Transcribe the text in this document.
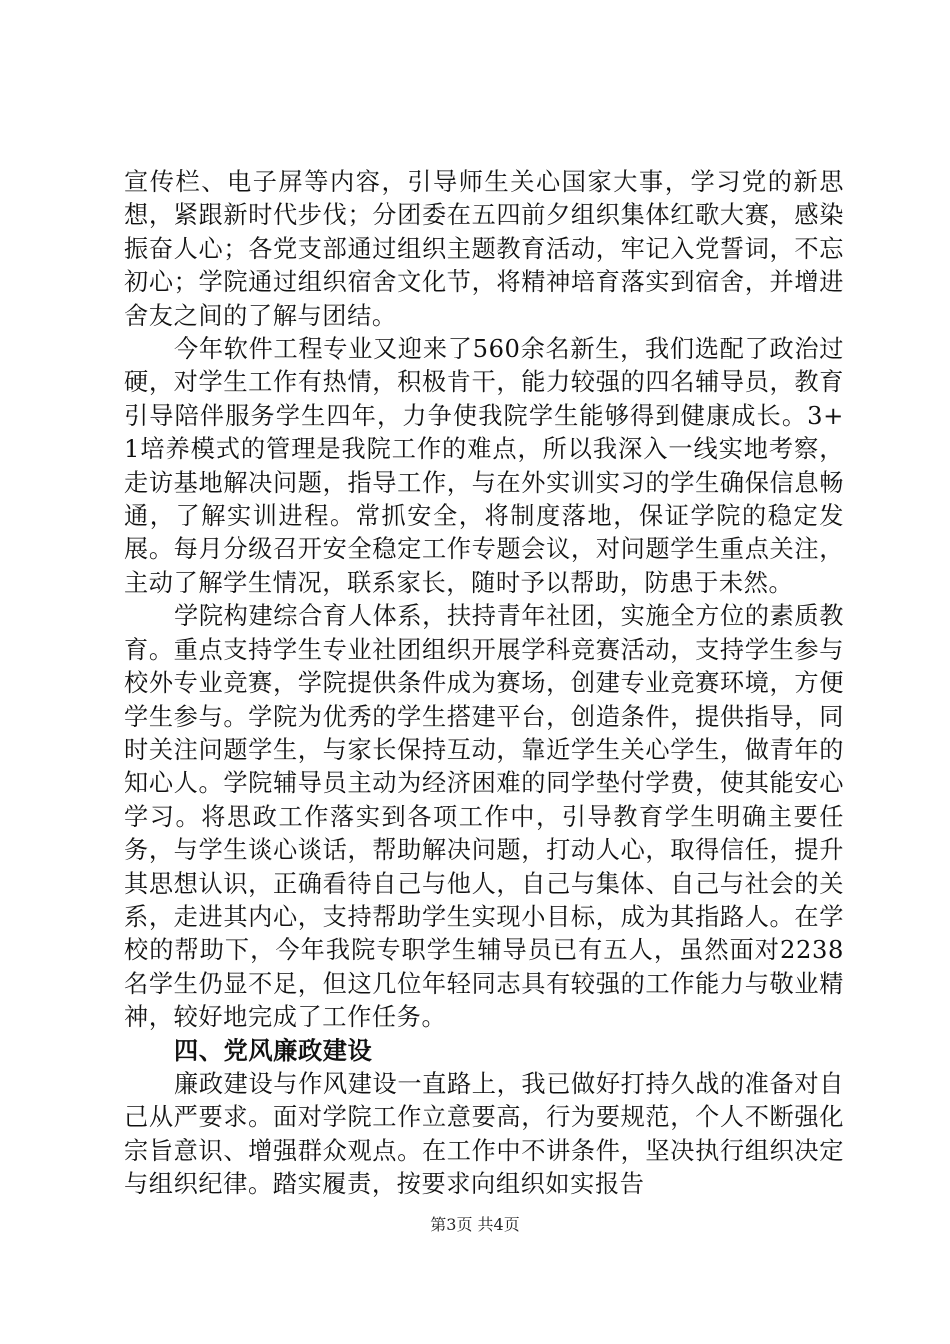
宣传栏、电子屏等内容，引导师生关心国家大事，学习党的新思想，紧跟新时代步伐；分团委在五四前夕组织集体红歌大赛，感染振奋人心；各党支部通过组织主题教育活动，牢记入党誓词，不忘初心；学院通过组织宿舍文化节，将精神培育落实到宿舍，并增进舍友之间的了解与团结。

今年软件工程专业又迎来了560余名新生，我们选配了政治过硬，对学生工作有热情，积极肯干，能力较强的四名辅导员，教育引导陪伴服务学生四年，力争使我院学生能够得到健康成长。3+1培养模式的管理是我院工作的难点，所以我深入一线实地考察，走访基地解决问题，指导工作，与在外实训实习的学生确保信息畅通，了解实训进程。常抓安全，将制度落地，保证学院的稳定发展。每月分级召开安全稳定工作专题会议，对问题学生重点关注，主动了解学生情况，联系家长，随时予以帮助，防患于未然。

学院构建综合育人体系，扶持青年社团，实施全方位的素质教育。重点支持学生专业社团组织开展学科竞赛活动，支持学生参与校外专业竞赛，学院提供条件成为赛场，创建专业竞赛环境，方便学生参与。学院为优秀的学生搭建平台，创造条件，提供指导，同时关注问题学生，与家长保持互动，靠近学生关心学生，做青年的知心人。学院辅导员主动为经济困难的同学垫付学费，使其能安心学习。将思政工作落实到各项工作中，引导教育学生明确主要任务，与学生谈心谈话，帮助解决问题，打动人心，取得信任，提升其思想认识，正确看待自己与他人，自己与集体、自己与社会的关系，走进其内心，支持帮助学生实现小目标，成为其指路人。在学校的帮助下，今年我院专职学生辅导员已有五人，虽然面对2238名学生仍显不足，但这几位年轻同志具有较强的工作能力与敬业精神，较好地完成了工作任务。

四、党风廉政建设

廉政建设与作风建设一直路上，我已做好打持久战的准备对自己从严要求。面对学院工作立意要高，行为要规范，个人不断强化宗旨意识、增强群众观点。在工作中不讲条件，坚决执行组织决定与组织纪律。踏实履责，按要求向组织如实报告

第3页 共4页
